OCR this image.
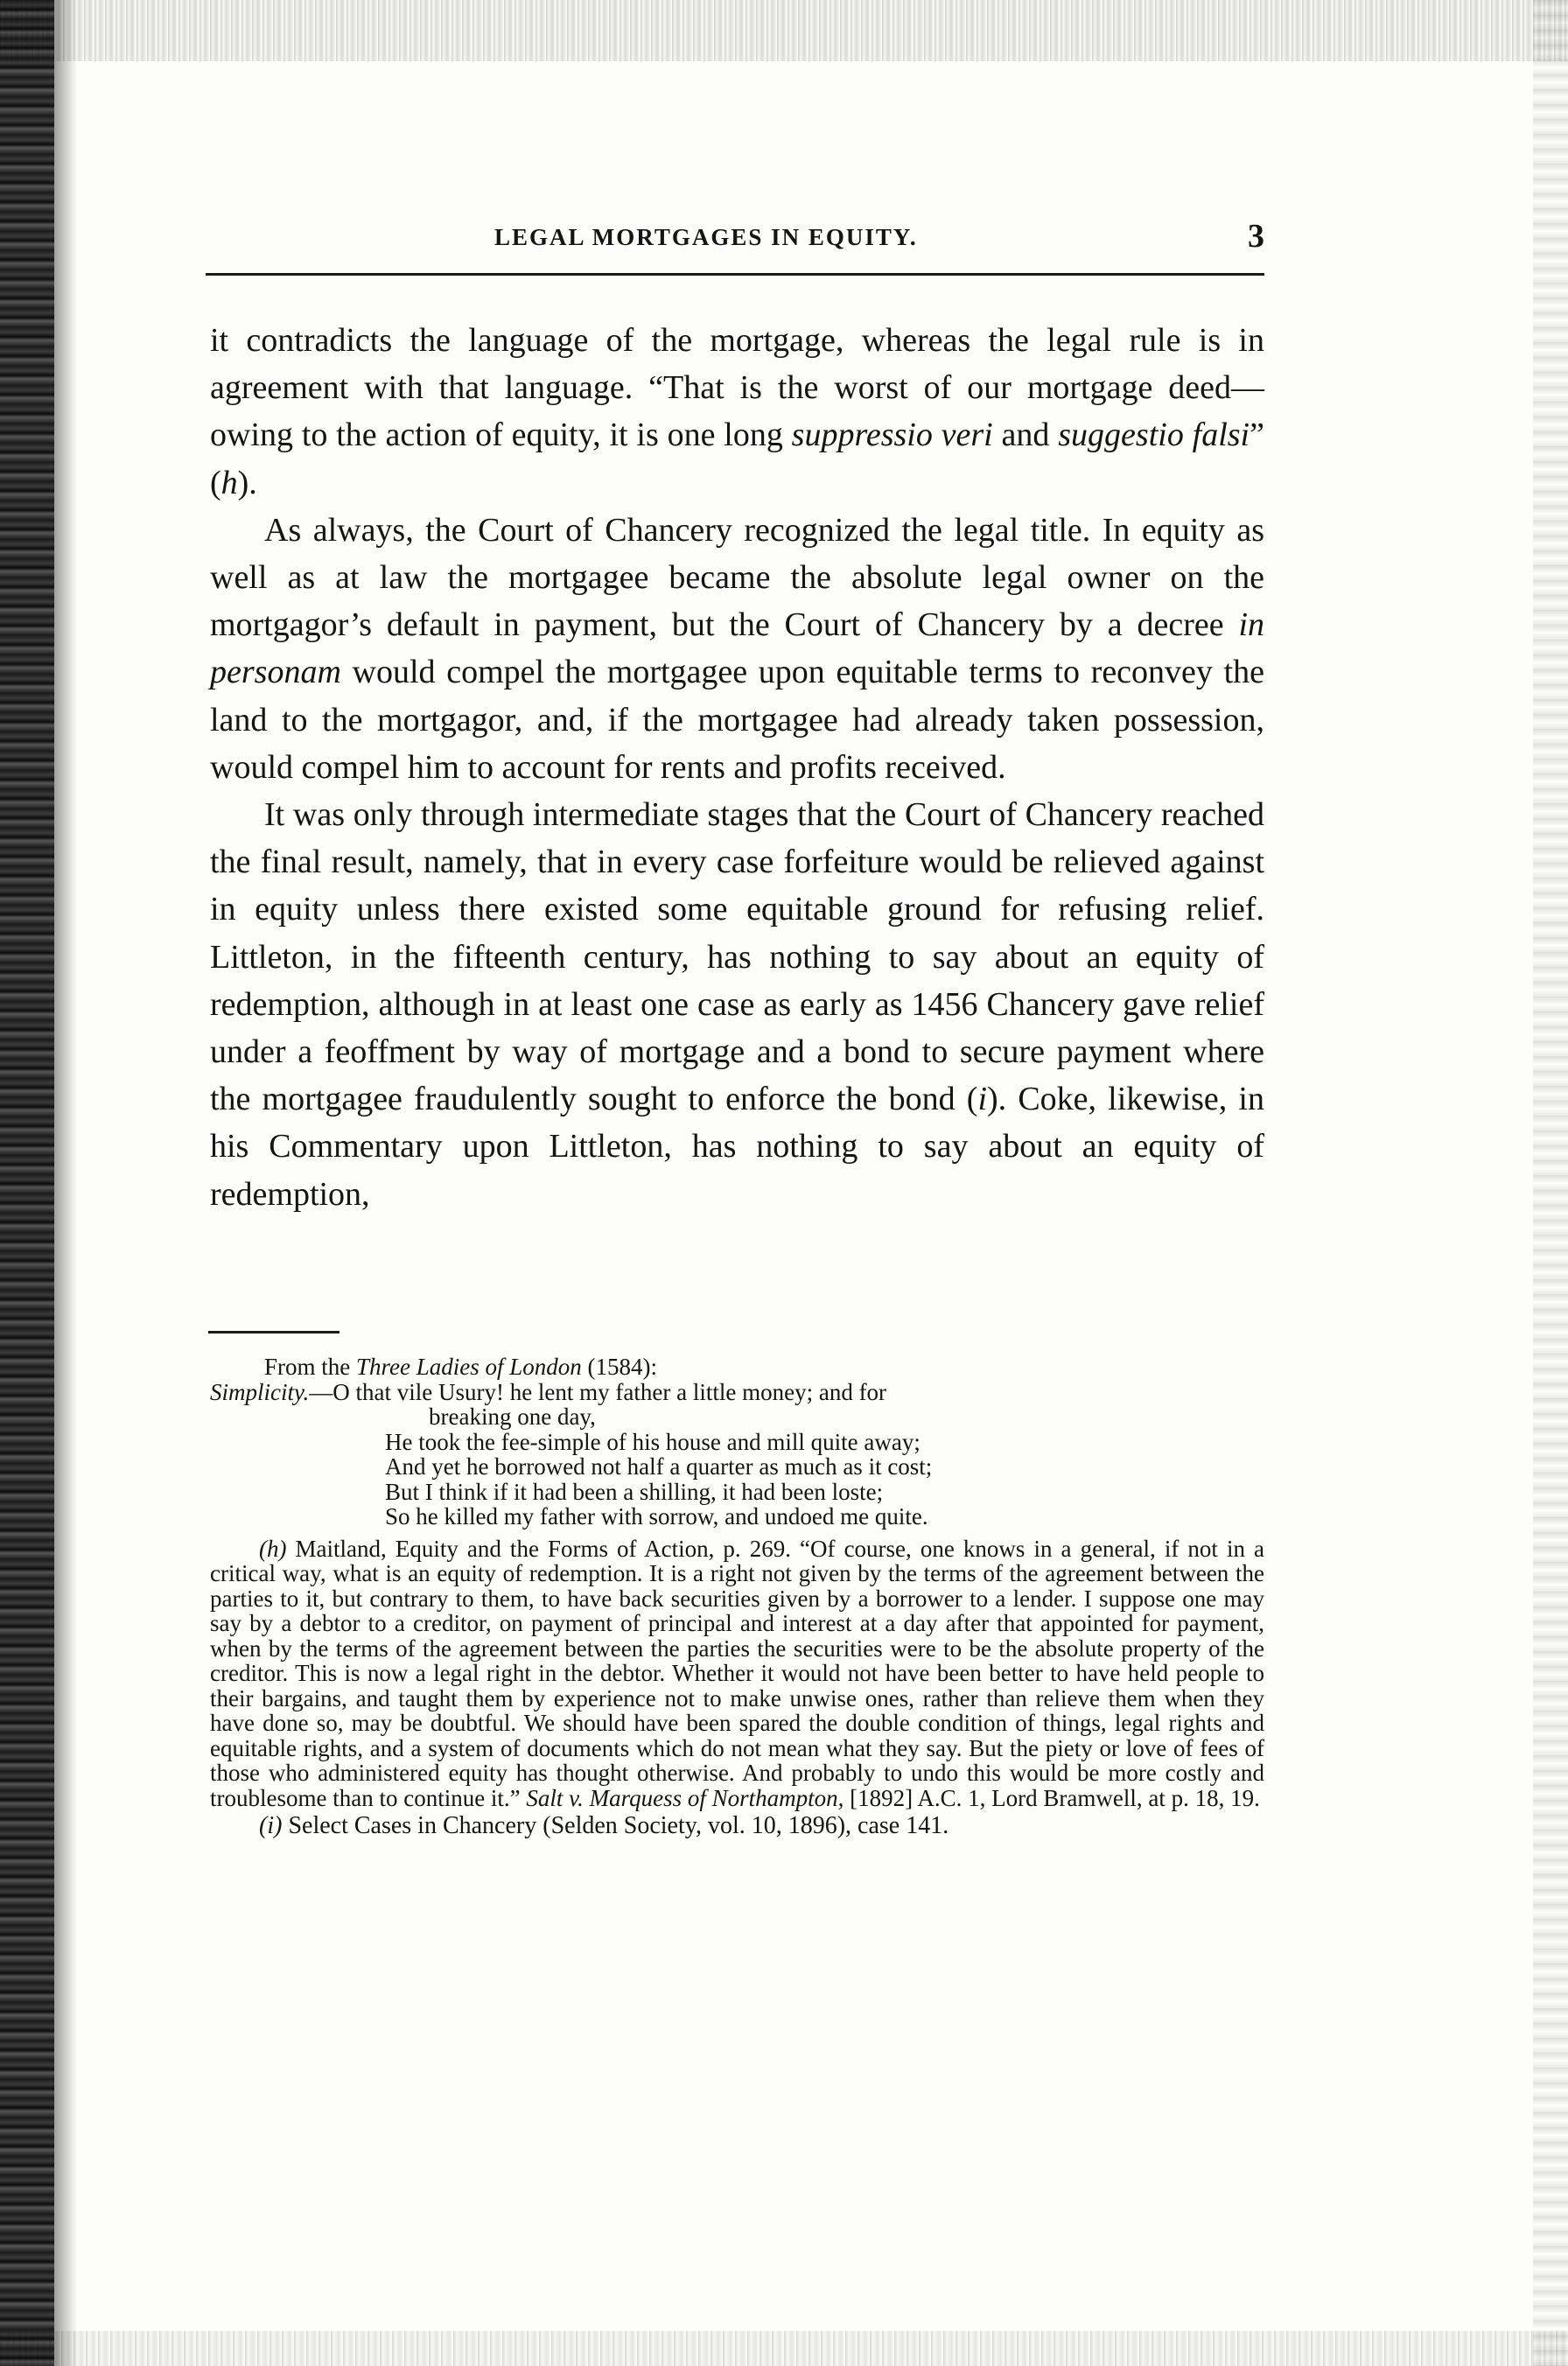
LEGAL MORTGAGES IN EQUITY.	3

it contradicts the language of the mortgage, whereas the legal rule is in agreement with that language. “That is the worst of our mortgage deed—owing to the action of equity, it is one long suppressio veri and suggestio falsi” (h).

As always, the Court of Chancery recognized the legal title. In equity as well as at law the mortgagee became the absolute legal owner on the mortgagor’s default in payment, but the Court of Chancery by a decree in personam would compel the mortgagee upon equitable terms to reconvey the land to the mortgagor, and, if the mortgagee had already taken possession, would compel him to account for rents and profits received.

It was only through intermediate stages that the Court of Chancery reached the final result, namely, that in every case forfeiture would be relieved against in equity unless there existed some equitable ground for refusing relief. Littleton, in the fifteenth century, has nothing to say about an equity of redemption, although in at least one case as early as 1456 Chancery gave relief under a feoffment by way of mortgage and a bond to secure payment where the mortgagee fraudulently sought to enforce the bond (i). Coke, likewise, in his Commentary upon Littleton, has nothing to say about an equity of redemption,

From the Three Ladies of London (1584):
Simplicity.—O that vile Usury! he lent my father a little money; and for
breaking one day,
He took the fee-simple of his house and mill quite away;
And yet he borrowed not half a quarter as much as it cost;
But I think if it had been a shilling, it had been loste;
So he killed my father with sorrow, and undoed me quite.

(h) Maitland, Equity and the Forms of Action, p. 269. “Of course, one knows in a general, if not in a critical way, what is an equity of redemption. It is a right not given by the terms of the agreement between the parties to it, but contrary to them, to have back securities given by a borrower to a lender. I suppose one may say by a debtor to a creditor, on payment of principal and interest at a day after that appointed for payment, when by the terms of the agreement between the parties the securities were to be the absolute property of the creditor. This is now a legal right in the debtor. Whether it would not have been better to have held people to their bargains, and taught them by experience not to make unwise ones, rather than relieve them when they have done so, may be doubtful. We should have been spared the double condition of things, legal rights and equitable rights, and a system of documents which do not mean what they say. But the piety or love of fees of those who administered equity has thought otherwise. And probably to undo this would be more costly and troublesome than to continue it.” Salt v. Marquess of Northampton, [1892] A.C. 1, Lord Bramwell, at p. 18, 19.

(i) Select Cases in Chancery (Selden Society, vol. 10, 1896), case 141.
